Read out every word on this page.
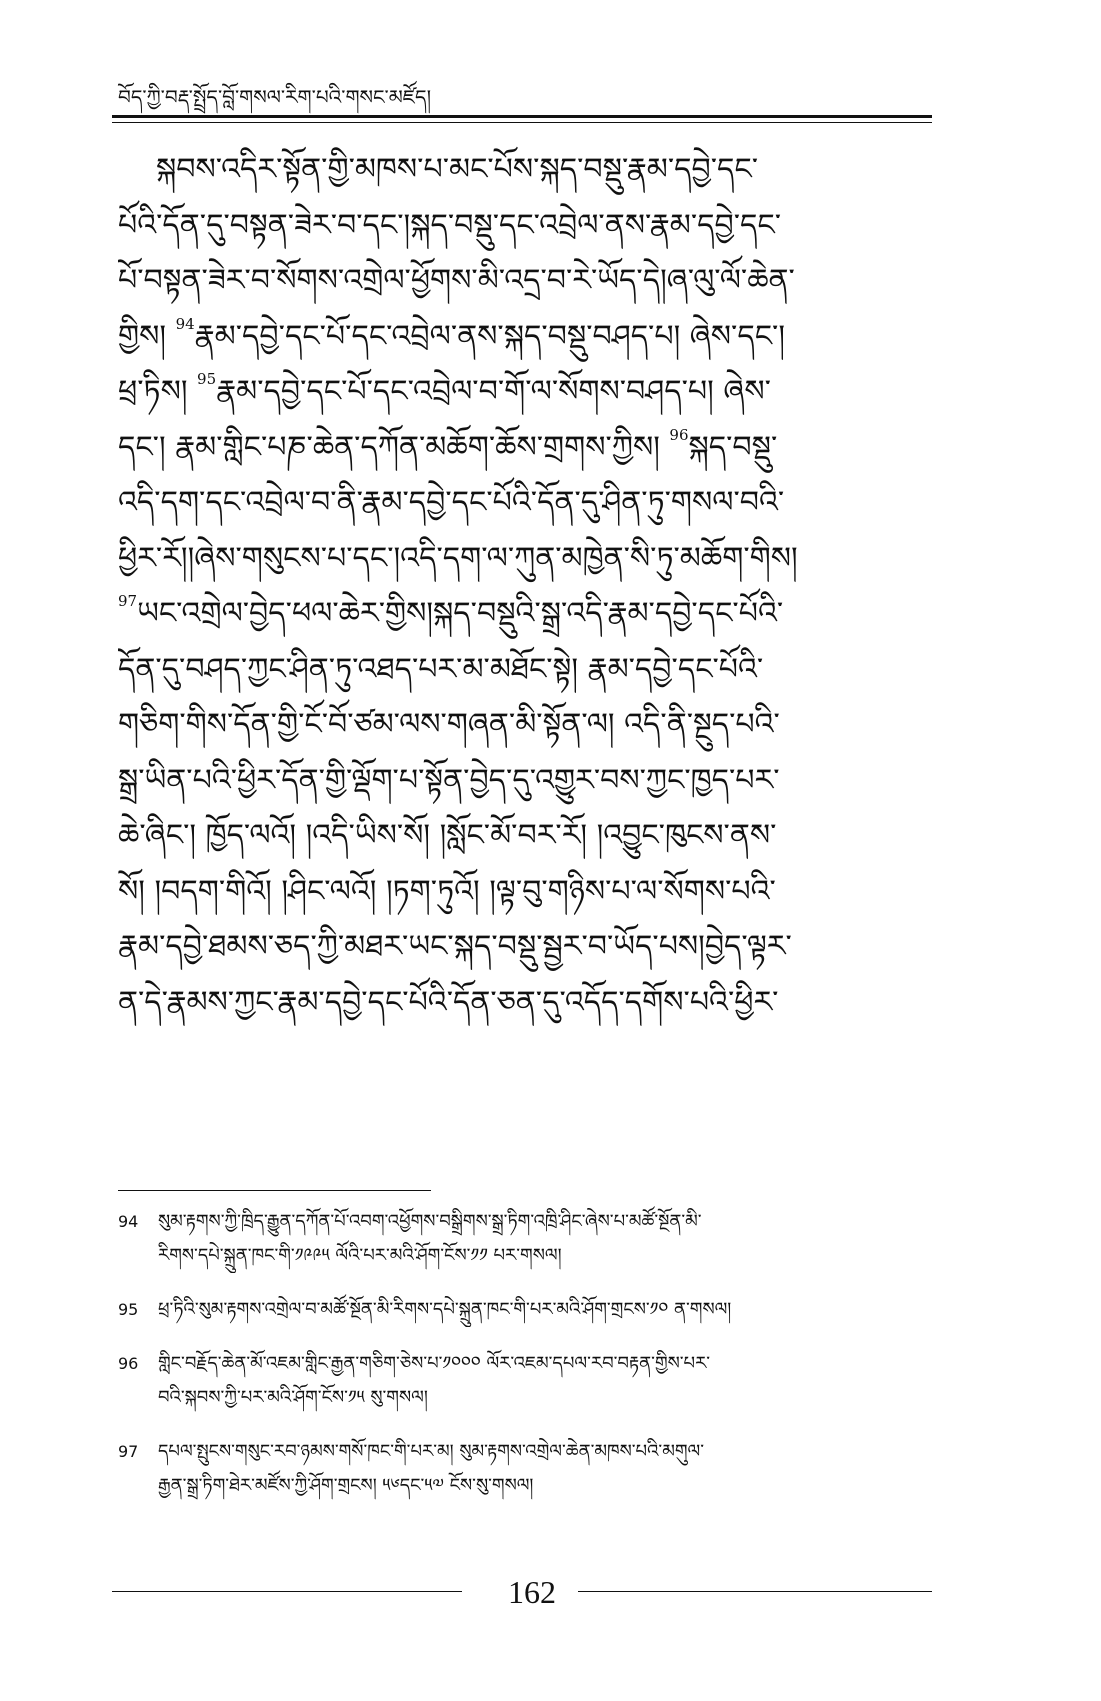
བོད་ཀྱི་བརྡ་སྤྲོད་བློ་གསལ་རིག་པའི་གསང་མཛོད།
སྐབས་འདིར་སྟོན་གྱི་མཁས་པ་མང་པོས་སྐད་བསྡུ་རྣམ་དབྱེ་དང་
པོའི་དོན་དུ་བསྟན་ཟེར་བ་དང་།སྐད་བསྡུ་དང་འབྲེལ་ནས་རྣམ་དབྱེ་དང་
པོ་བསྟན་ཟེར་བ་སོགས་འགྲེལ་ཕྱོགས་མི་འདྲ་བ་རེ་ཡོད་དེ།ཞ་ལུ་ལོ་ཆེན་
གྱིས། $^{94}$རྣམ་དབྱེ་དང་པོ་དང་འབྲེལ་ནས་སྐད་བསྡུ་བཤད་པ། ཞེས་དང་།
ཕྲ་ཏིས། $^{95}$རྣམ་དབྱེ་དང་པོ་དང་འབྲེལ་བ་གོ་ལ་སོགས་བཤད་པ། ཞེས་
དང་། རྣམ་གླིང་པཎ་ཆེན་དཀོན་མཆོག་ཆོས་གྲགས་ཀྱིས། $^{96}$སྐད་བསྡུ་
འདི་དག་དང་འབྲེལ་བ་ནི་རྣམ་དབྱེ་དང་པོའི་དོན་དུ་ཤིན་ཏུ་གསལ་བའི་
ཕྱིར་རོ།།ཞེས་གསུངས་པ་དང་།འདི་དག་ལ་ཀུན་མཁྱེན་སི་ཏུ་མཆོག་གིས།
$^{97}$ཡང་འགྲེལ་བྱེད་ཕལ་ཆེར་གྱིས།སྐད་བསྡུའི་སྒྲ་འདི་རྣམ་དབྱེ་དང་པོའི་
དོན་དུ་བཤད་ཀྱང་ཤིན་ཏུ་འཐད་པར་མ་མཐོང་སྟེ། རྣམ་དབྱེ་དང་པོའི་
གཅིག་གིས་དོན་གྱི་ངོ་བོ་ཙམ་ལས་གཞན་མི་སྟོན་ལ། འདི་ནི་སྔུད་པའི་
སྒྲ་ཡིན་པའི་ཕྱིར་དོན་གྱི་ལྡོག་པ་སྟོན་བྱེད་དུ་འགྱུར་བས་ཀྱང་ཁྱད་པར་
ཆེ་ཞིང་། ཁྱོད་ལའོ། །འདི་ཡིས་སོ། །སློང་མོ་བར་རོ། །འབྱུང་ཁུངས་ནས་
སོ། །བདག་གིའོ། །ཤིང་ལའོ། །ཏག་ཏུའོ། །ལྟ་བུ་གཉིས་པ་ལ་སོགས་པའི་
རྣམ་དབྱེ་ཐམས་ཅད་ཀྱི་མཐར་ཡང་སྐད་བསྡུ་སྦྱར་བ་ཡོད་པས།བྱེད་ལྟར་
ན་དེ་རྣམས་ཀྱང་རྣམ་དབྱེ་དང་པོའི་དོན་ཅན་དུ་འདོད་དགོས་པའི་ཕྱིར་
94 སུམ་རྟགས་ཀྱི་ཁྲིད་རྒྱུན་དཀོན་པོ་འབག་འཕྱོགས་བསྒྲིགས་སྒྲ་ཏིག་འཁྲི་ཤིང་ཞེས་པ་མཚོ་སྔོན་མི་
རིགས་དཔེ་སྐྲུན་ཁང་གི་༡༩༩༥ ལོའི་པར་མའི་ཤོག་ངོས་༡༡ པར་གསལ།
95 ཕྲ་ཏིའི་སུམ་རྟགས་འགྲེལ་བ་མཚོ་སྔོན་མི་རིགས་དཔེ་སྐྲུན་ཁང་གི་པར་མའི་ཤོག་གྲངས་༡༠ ན་གསལ།
96 གླིང་བརྗོད་ཆེན་མོ་འཇམ་གླིང་རྒྱན་གཅིག་ཅེས་པ་༡༠༠༠ ལོར་འཇམ་དཔལ་རབ་བརྟན་གྱིས་པར་
བའི་སྐབས་ཀྱི་པར་མའི་ཤོག་ངོས་༡༥ སུ་གསལ།
97 དཔལ་སྤུངས་གསུང་རབ་ཉམས་གསོ་ཁང་གི་པར་མ། སུམ་རྟགས་འགྲེལ་ཆེན་མཁས་པའི་མགུལ་
རྒྱན་སྒྲ་ཏིག་ཐེར་མཛོས་ཀྱི་ཤོག་གྲངས། ༥༦དང་༥༧ ངོས་སུ་གསལ།
162
